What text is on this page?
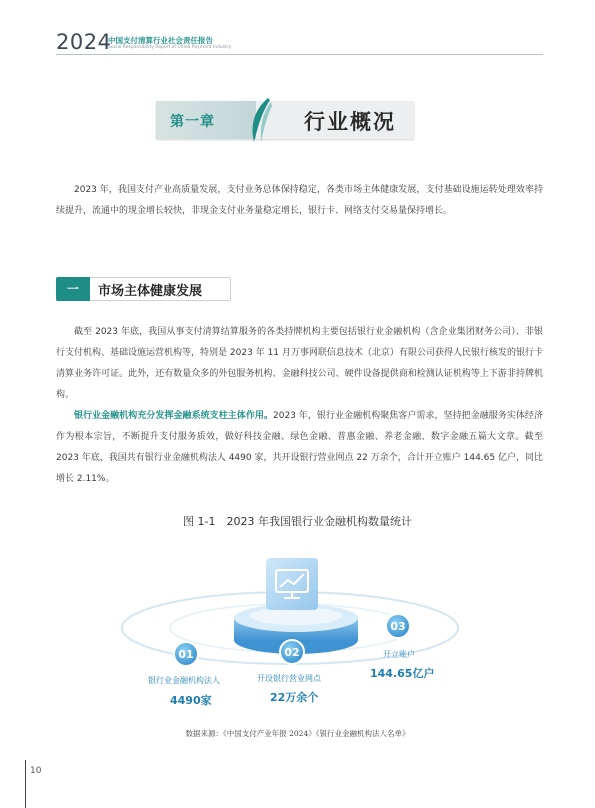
2024
中国支付清算行业社会责任报告
Social Responsibility Report of China Payment Industry
第一章	行业概况

2023 年，我国支付产业高质量发展，支付业务总体保持稳定，各类市场主体健康发展，支付基础设施运转处理效率持续提升，流通中的现金增长较快，非现金支付业务量稳定增长，银行卡、网络支付交易量保持增长。

一	市场主体健康发展

截至 2023 年底，我国从事支付清算结算服务的各类持牌机构主要包括银行业金融机构（含企业集团财务公司）、非银行支付机构、基础设施运营机构等，特别是 2023 年 11 月万事网联信息技术（北京）有限公司获得人民银行核发的银行卡清算业务许可证。此外，还有数量众多的外包服务机构、金融科技公司、硬件设备提供商和检测认证机构等上下游非持牌机构。

银行业金融机构充分发挥金融系统支柱主体作用。2023 年，银行业金融机构聚焦客户需求，坚持把金融服务实体经济作为根本宗旨，不断提升支付服务质效，做好科技金融、绿色金融、普惠金融、养老金融、数字金融五篇大文章。截至 2023 年底，我国共有银行业金融机构法人 4490 家，共开设银行营业网点 22 万余个，合计开立账户 144.65 亿户，同比增长 2.11%。

图 1-1　2023 年我国银行业金融机构数量统计
01	02
03
银行业金融机构法人
4490家
开设银行营业网点
22万余个
开立账户
144.65亿户
数据来源：《中国支付产业年报 2024》《银行业金融机构法人名单》
10
